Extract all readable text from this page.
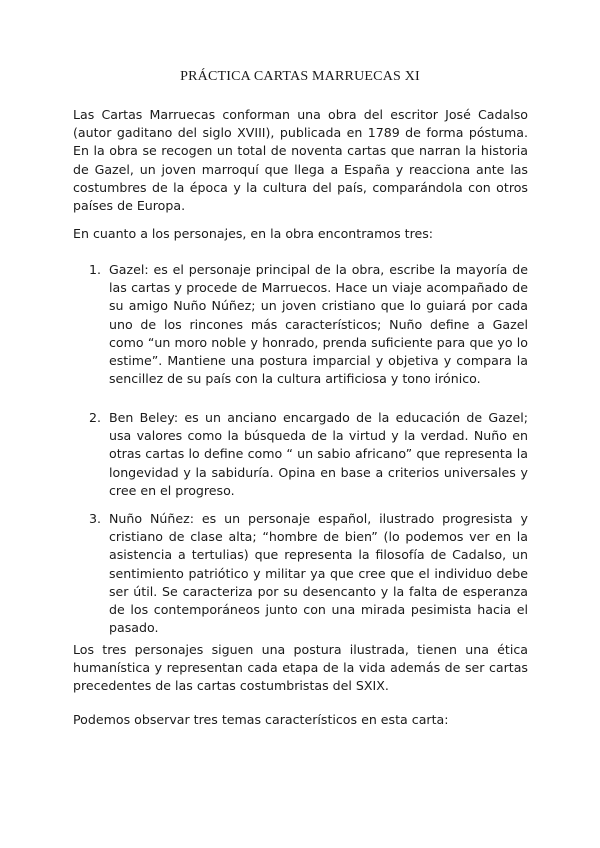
PRÁCTICA CARTAS MARRUECAS XI

Las Cartas Marruecas conforman una obra del escritor José Cadalso (autor gaditano del siglo XVIII), publicada en 1789 de forma póstuma. En la obra se recogen un total de noventa cartas que narran la historia de Gazel, un joven marroquí que llega a España y reacciona ante las costumbres de la época y la cultura del país, comparándola con otros países de Europa.

En cuanto a los personajes, en la obra encontramos tres:

1. Gazel: es el personaje principal de la obra, escribe la mayoría de las cartas y procede de Marruecos. Hace un viaje acompañado de su amigo Nuño Núñez; un joven cristiano que lo guiará por cada uno de los rincones más característicos; Nuño define a Gazel como “un moro noble y honrado, prenda suficiente para que yo lo estime”. Mantiene una postura imparcial y objetiva y compara la sencillez de su país con la cultura artificiosa y tono irónico.
2. Ben Beley: es un anciano encargado de la educación de Gazel; usa valores como la búsqueda de la virtud y la verdad. Nuño en otras cartas lo define como “ un sabio africano” que representa la longevidad y la sabiduría. Opina en base a criterios universales y cree en el progreso.
3. Nuño Núñez: es un personaje español, ilustrado progresista y cristiano de clase alta; “hombre de bien” (lo podemos ver en la asistencia a tertulias) que representa la filosofía de Cadalso, un sentimiento patriótico y militar ya que cree que el individuo debe ser útil. Se caracteriza por su desencanto y la falta de esperanza de los contemporáneos junto con una mirada pesimista hacia el pasado.

Los tres personajes siguen una postura ilustrada, tienen una ética humanística y representan cada etapa de la vida además de ser cartas precedentes de las cartas costumbristas del SXIX.

Podemos observar tres temas característicos en esta carta:
